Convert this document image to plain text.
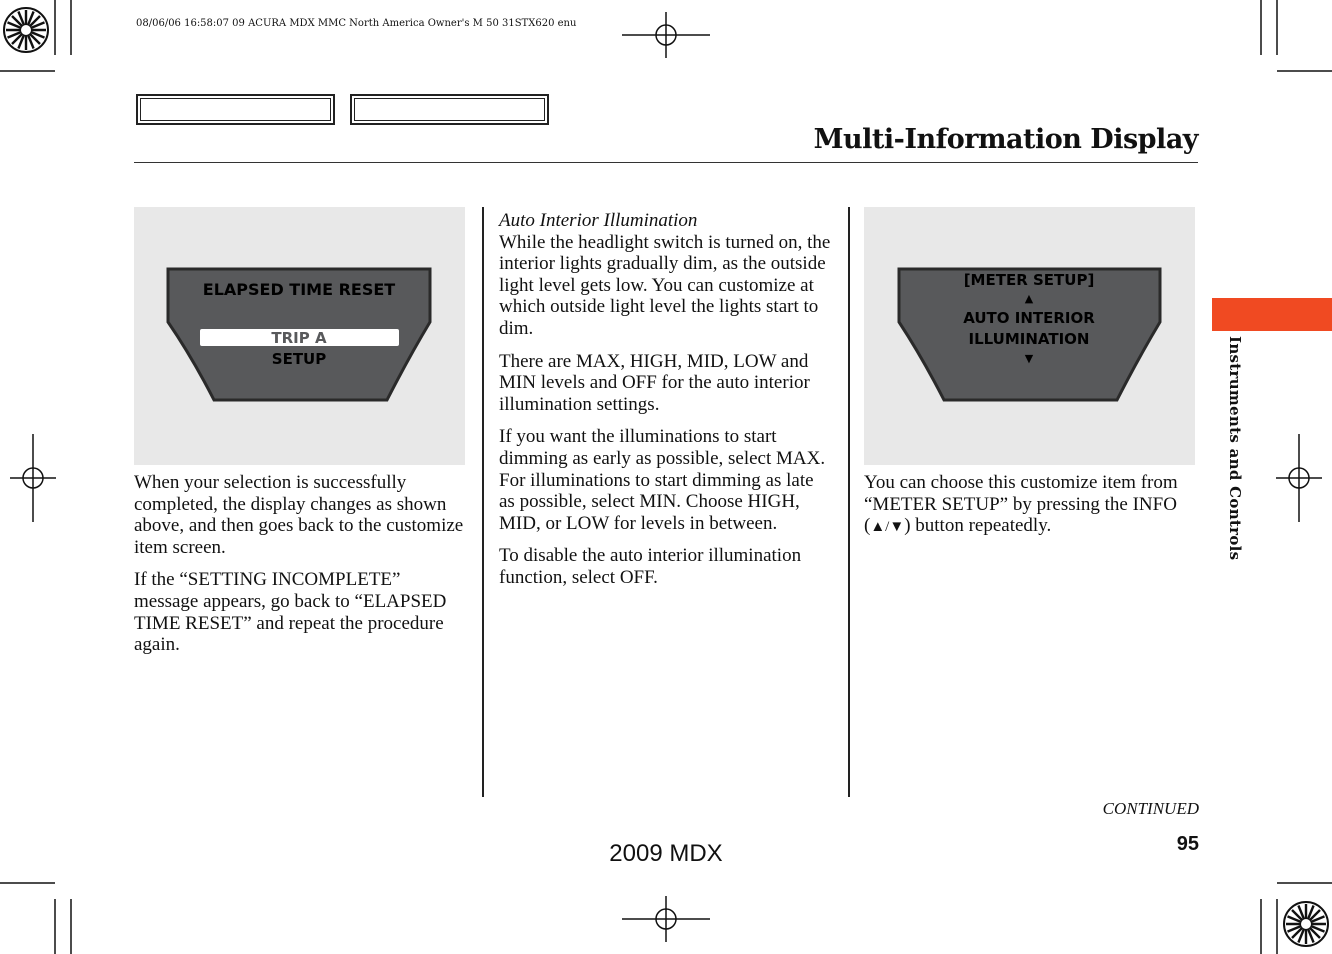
08/06/06 16:58:07 09 ACURA MDX MMC North America Owner's M 50 31STX620 enu
Multi-Information Display
ELAPSED TIME RESET
TRIP A
SETUP

When your selection is successfully completed, the display changes as shown above, and then goes back to the customize item screen.

If the “SETTING INCOMPLETE” message appears, go back to “ELAPSED TIME RESET” and repeat the procedure again.

Auto Interior Illumination

While the headlight switch is turned on, the interior lights gradually dim, as the outside light level gets low. You can customize at which outside light level the lights start to dim.

There are MAX, HIGH, MID, LOW and MIN levels and OFF for the auto interior illumination settings.

If you want the illuminations to start dimming as early as possible, select MAX. For illuminations to start dimming as late as possible, select MIN. Choose HIGH, MID, or LOW for levels in between.

To disable the auto interior illumination function, select OFF.

[METER SETUP]
▲
AUTO INTERIOR
ILLUMINATION
▼

You can choose this customize item from “METER SETUP” by pressing the INFO (▲/▼) button repeatedly.	Instruments and Controls
CONTINUED
95
2009 MDX
